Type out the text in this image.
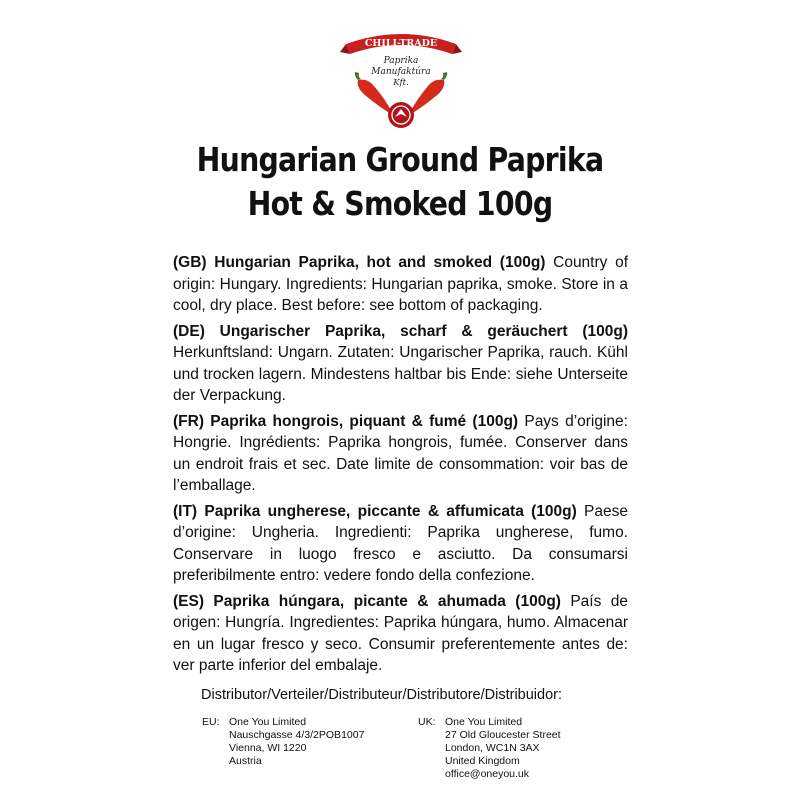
CHILI-TRADE
Paprika
Manufaktúra
Kft.
Hungarian Ground Paprika
Hot & Smoked 100g
(GB) Hungarian Paprika, hot and smoked (100g) Country of origin: Hungary. Ingredients: Hungarian paprika, smoke. Store in a cool, dry place. Best before: see bottom of packaging.
(DE) Ungarischer Paprika, scharf & geräuchert (100g) Herkunftsland: Ungarn. Zutaten: Ungarischer Paprika, rauch. Kühl und trocken lagern. Mindestens haltbar bis Ende: siehe Unterseite der Verpackung.
(FR) Paprika hongrois, piquant & fumé (100g) Pays d’origine: Hongrie. Ingrédients: Paprika hongrois, fumée. Conserver dans un endroit frais et sec. Date limite de consommation: voir bas de l’emballage.
(IT) Paprika ungherese, piccante & affumicata (100g) Paese d’origine: Ungheria. Ingredienti: Paprika ungherese, fumo. Conservare in luogo fresco e asciutto. Da consumarsi preferibilmente entro: vedere fondo della confezione.
(ES) Paprika húngara, picante & ahumada (100g) País de origen: Hungría. Ingredientes: Paprika húngara, humo. Almacenar en un lugar fresco y seco. Consumir preferentemente antes de: ver parte inferior del embalaje.
Distributor/Verteiler/Distributeur/Distributore/Distribuidor:
EU: One You Limited
Nauschgasse 4/3/2POB1007
Vienna, WI 1220
Austria
UK: One You Limited
27 Old Gloucester Street
London, WC1N 3AX
United Kingdom
office@oneyou.uk
